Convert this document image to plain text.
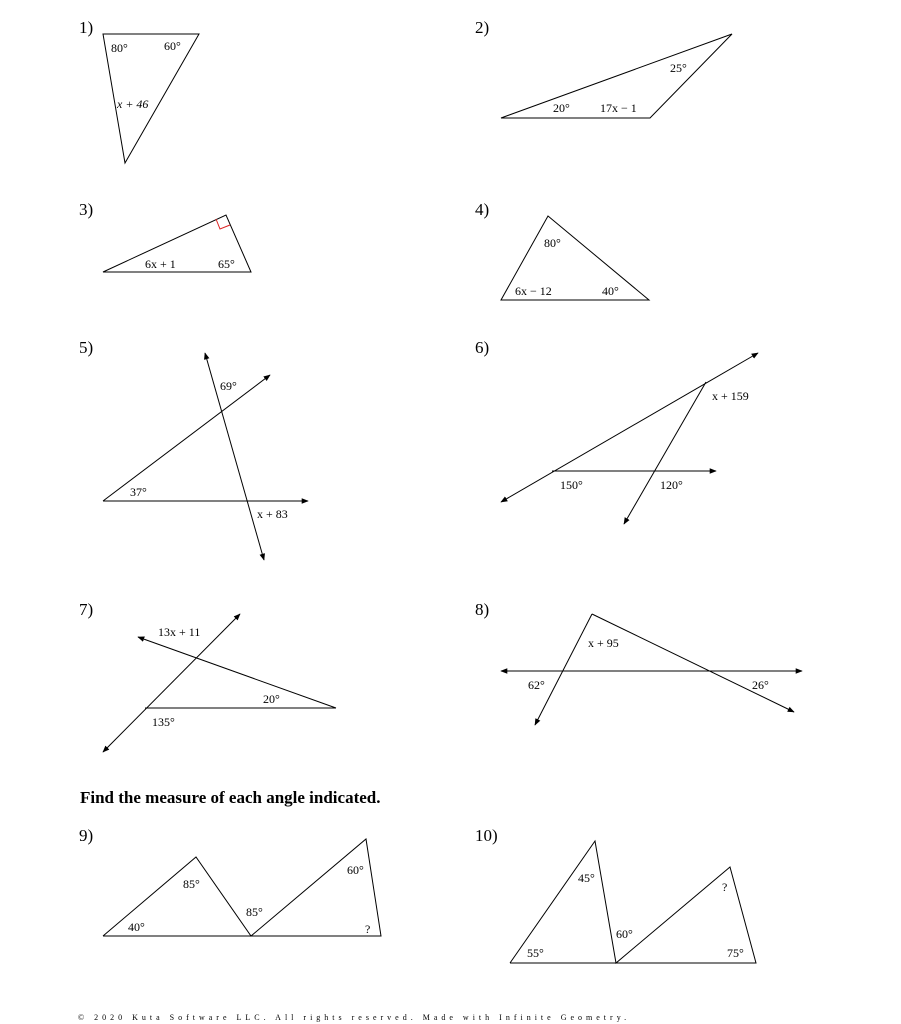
1)	2)
3)	4)
5)	6)
7)	8)
9)	10)
Find the measure of each angle indicated.
80°	60°
x + 46
25°
20°	17x − 1
6x + 1	65°
80°
6x − 12	40°
69°
37°
x + 83
x + 159
150°	120°
13x + 11
20°
135°
x + 95
62°	26°
85°
60°
85°
40°	?
45°
?
60°
55°	75°
© 2020 Kuta Software LLC. All rights reserved. Made with Infinite Geometry.
